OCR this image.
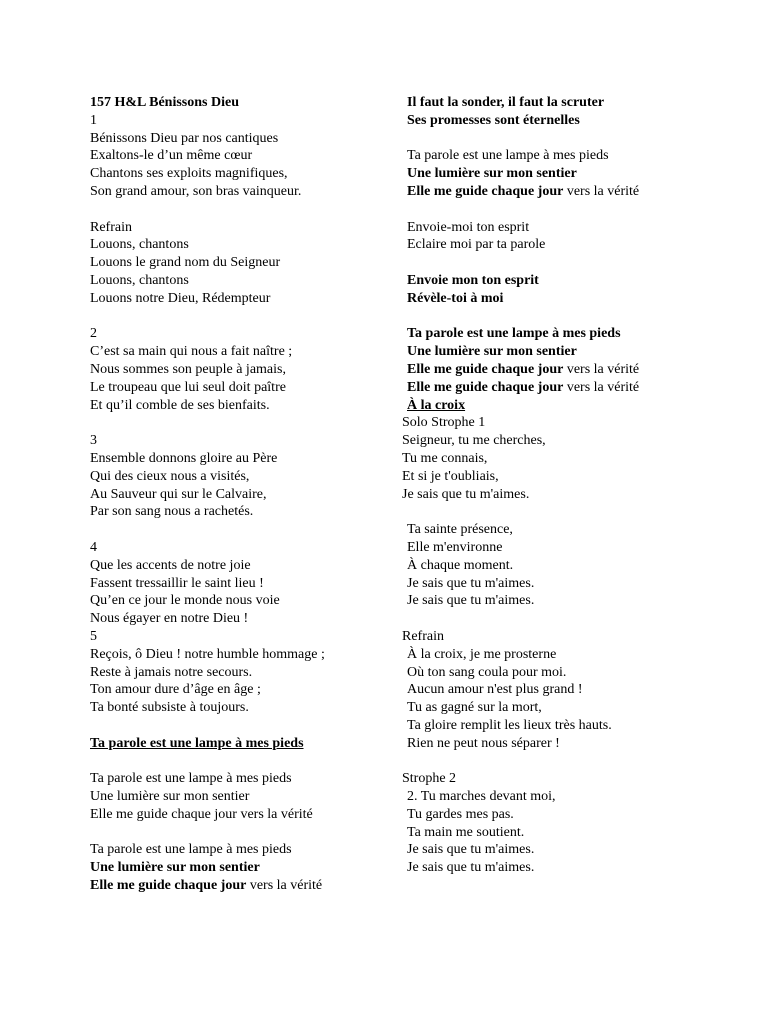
157 H&L Bénissons Dieu
1
Bénissons Dieu par nos cantiques
Exaltons-le d’un même cœur
Chantons ses exploits magnifiques,
Son grand amour, son bras vainqueur.
Refrain
Louons, chantons
Louons le grand nom du Seigneur
Louons, chantons
Louons notre Dieu, Rédempteur
2
C’est sa main qui nous a fait naître ;
Nous sommes son peuple à jamais,
Le troupeau que lui seul doit paître
Et qu’il comble de ses bienfaits.
3
Ensemble donnons gloire au Père
Qui des cieux nous a visités,
Au Sauveur qui sur le Calvaire,
Par son sang nous a rachetés.
4
Que les accents de notre joie
Fassent tressaillir le saint lieu !
Qu’en ce jour le monde nous voie
Nous égayer en notre Dieu !
5
Reçois, ô Dieu ! notre humble hommage ;
Reste à jamais notre secours.
Ton amour dure d’âge en âge ;
Ta bonté subsiste à toujours.
Ta parole est une lampe à mes pieds
Ta parole est une lampe à mes pieds
Une lumière sur mon sentier
Elle me guide chaque jour vers la vérité
Ta parole est une lampe à mes pieds
Une lumière sur mon sentier
Elle me guide chaque jour vers la vérité
Il faut la sonder, il faut la scruter
Ses promesses sont éternelles
Ta parole est une lampe à mes pieds
Une lumière sur mon sentier
Elle me guide chaque jour vers la vérité
Envoie-moi ton esprit
Eclaire moi par ta parole
Envoie mon ton esprit
Révèle-toi à moi
Ta parole est une lampe à mes pieds
Une lumière sur mon sentier
Elle me guide chaque jour vers la vérité
Elle me guide chaque jour vers la vérité
À la croix
Solo Strophe 1
Seigneur, tu me cherches,
Tu me connais,
Et si je t'oubliais,
Je sais que tu m'aimes.
Ta sainte présence,
Elle m'environne
À chaque moment.
Je sais que tu m'aimes.
Je sais que tu m'aimes.
Refrain
À la croix, je me prosterne
Où ton sang coula pour moi.
Aucun amour n'est plus grand !
Tu as gagné sur la mort,
Ta gloire remplit les lieux très hauts.
Rien ne peut nous séparer !
Strophe 2
2. Tu marches devant moi,
Tu gardes mes pas.
Ta main me soutient.
Je sais que tu m'aimes.
Je sais que tu m'aimes.
